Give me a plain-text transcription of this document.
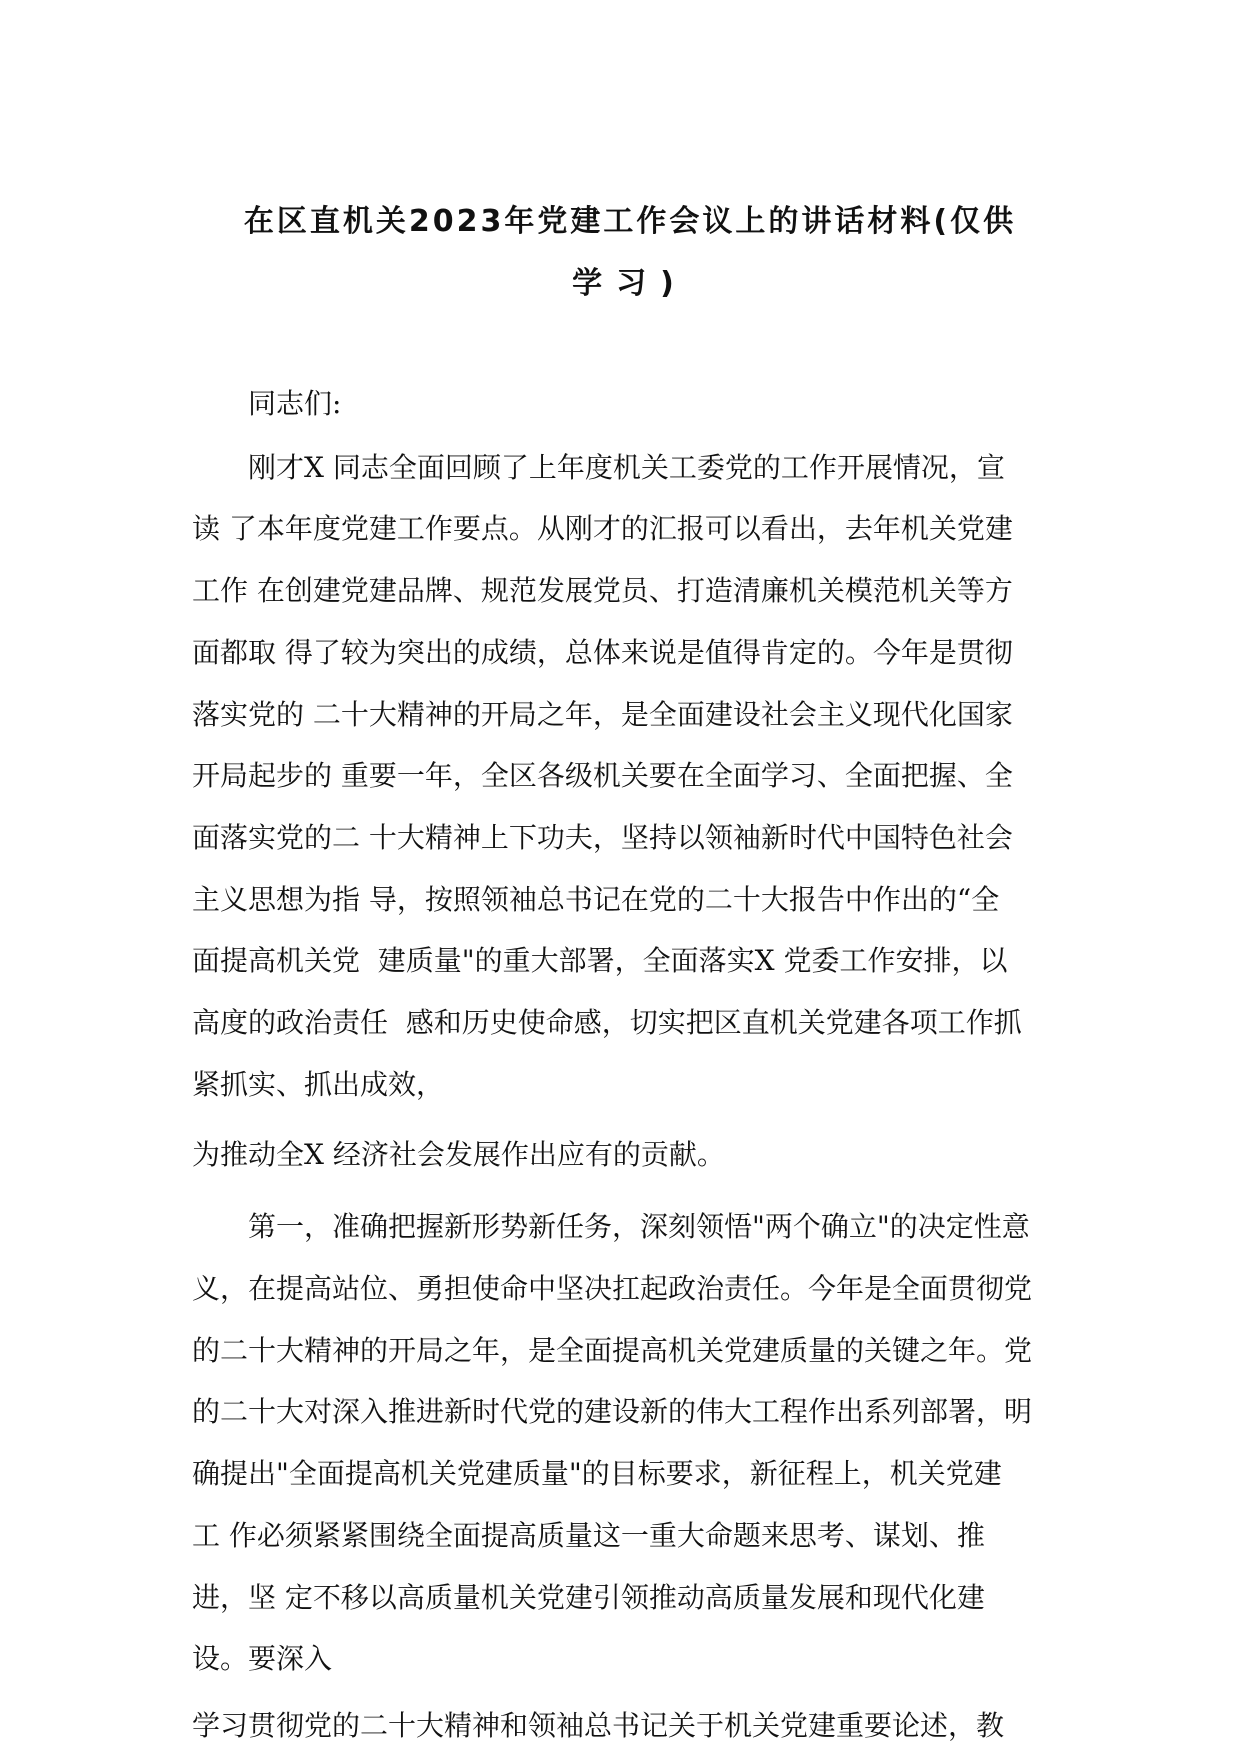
在区直机关2023年党建工作会议上的讲话材料(仅供
学习)
同志们:
刚才X 同志全面回顾了上年度机关工委党的工作开展情况，宣
读 了本年度党建工作要点。从刚才的汇报可以看出，去年机关党建
工作 在创建党建品牌、规范发展党员、打造清廉机关模范机关等方
面都取 得了较为突出的成绩，总体来说是值得肯定的。今年是贯彻
落实党的 二十大精神的开局之年，是全面建设社会主义现代化国家
开局起步的 重要一年，全区各级机关要在全面学习、全面把握、全
面落实党的二 十大精神上下功夫，坚持以领袖新时代中国特色社会
主义思想为指 导，按照领袖总书记在党的二十大报告中作出的“全
面提高机关党  建质量"的重大部署，全面落实X 党委工作安排，以
高度的政治责任  感和历史使命感，切实把区直机关党建各项工作抓
紧抓实、抓出成效，
为推动全X 经济社会发展作出应有的贡献。
第一，准确把握新形势新任务，深刻领悟"两个确立"的决定性意
义，在提高站位、勇担使命中坚决扛起政治责任。今年是全面贯彻党
的二十大精神的开局之年，是全面提高机关党建质量的关键之年。党
的二十大对深入推进新时代党的建设新的伟大工程作出系列部署，明
确提出"全面提高机关党建质量"的目标要求，新征程上，机关党建
工 作必须紧紧围绕全面提高质量这一重大命题来思考、谋划、推
进，坚 定不移以高质量机关党建引领推动高质量发展和现代化建
设。要深入
学习贯彻党的二十大精神和领袖总书记关于机关党建重要论述，教
